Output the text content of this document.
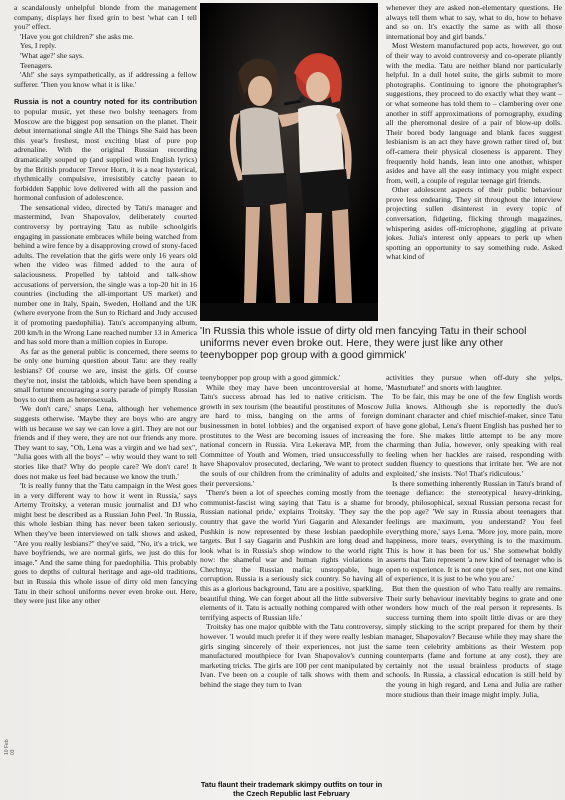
a scandalously unhelpful blonde from the management company, displays her fixed grin to best 'what can I tell you?' effect.

'Have you got children?' she asks me.

Yes, I reply.

'What age?' she says.

Teenagers.

'Ah!' she says sympathetically, as if addressing a fellow sufferer. 'Then you know what it is like.'

Russia is not a country noted for its contribution to popular music, yet these two bolshy teenagers from Moscow are the biggest pop sensation on the planet. Their debut international single All the Things She Said has been this year's freshest, most exciting blast of pure pop adrenaline. With the original Russian recording dramatically souped up (and supplied with English lyrics) by the British producer Trevor Horn, it is a near hysterical, rhythmically compulsive, irresistibly catchy paean to forbidden Sapphic love delivered with all the passion and hormonal confusion of adolescence.

The sensational video, directed by Tatu's manager and mastermind, Ivan Shapovalov, deliberately courted controversy by portraying Tatu as nubile schoolgirls engaging in passionate embraces while being watched from behind a wire fence by a disapproving crowd of stony-faced adults. The revelation that the girls were only 16 years old when the video was filmed added to the aura of salaciousness. Propelled by tabloid and talk-show accusations of perversion, the single was a top-20 hit in 16 countries (including the all-important US market) and number one in Italy, Spain, Sweden, Holland and the UK (where everyone from the Sun to Richard and Judy accused it of promoting paedophilia). Tatu's accompanying album, 200 km/h in the Wrong Lane reached number 13 in America and has sold more than a million copies in Europe.

As far as the general public is concerned, there seems to be only one burning question about Tatu: are they really lesbians? Of course we are, insist the girls. Of course they're not, insist the tabloids, which have been spending a small fortune encouraging a sorry parade of pimply Russian boys to out them as heterosexuals.

'We don't care,' snaps Lena, although her vehemence suggests otherwise. 'Maybe they are boys who are angry with us because we say we can love a girl. They are not our friends and if they were, they are not our friends any more. They want to say, "Oh, Lena was a virgin and we had sex", "Julia goes with all the boys" – why would they want to tell stories like that? Why do people care? We don't care! It does not make us feel bad because we know the truth.'

'It is really funny that the Tatu campaign in the West goes in a very different way to how it went in Russia,' says Artemy Troitsky, a veteran music journalist and DJ who might best be described as a Russian John Peel. 'In Russia, this whole lesbian thing has never been taken seriously. When they've been interviewed on talk shows and asked, "Are you really lesbians?" they've said, "No, it's a trick, we have boyfriends, we are normal girls, we just do this for image." And the same thing for paedophilia. This probably goes to depths of cultural heritage and age-old traditions, but in Russia this whole issue of dirty old men fancying Tatu in their school uniforms never even broke out. Here, they were just like any other

whenever they are asked non-elementary questions. He always tell them what to say, what to do, how to behave and so on. It's exactly the same as with all those international boy and girl bands.'

Most Western manufactured pop acts, however, go out of their way to avoid controversy and co-operate pliantly with the media. Tatu are neither bland nor particularly helpful. In a dull hotel suite, the girls submit to more photographs. Continuing to ignore the photographer's suggestions, they proceed to do exactly what they want – or what someone has told them to – clambering over one another in stiff approximations of pornography, exuding all the pheromonal desire of a pair of blow-up dolls. Their bored body language and blank faces suggest lesbianism is an act they have grown rather tired of, but off-camera their physical closeness is apparent. They frequently hold hands, lean into one another, whisper asides and have all the easy intimacy you might expect from, well, a couple of regular teenage girl friends.

Other adolescent aspects of their public behaviour prove less endearing. They sit throughout the interview projecting sullen disinterest in every topic of conversation, fidgeting, flicking through magazines, whispering asides off-microphone, giggling at private jokes. Julia's interest only appears to perk up when spotting an opportunity to say something rude. Asked what kind of

'In Russia this whole issue of dirty old men fancying Tatu in their school uniforms never even broke out. Here, they were just like any other teenybopper pop group with a good gimmick'

teenybopper pop group with a good gimmick.'

While they may have been uncontroversial at home, Tatu's success abroad has led to native criticism. The growth in sex tourism (the beautiful prostitutes of Moscow are hard to miss, hanging on the arms of foreign businessmen in hotel lobbies) and the organised export of prostitutes to the West are becoming issues of increasing national concern in Russia. Vira Lekerava MP, from the Committee of Youth and Women, tried unsuccessfully to have Shapovalov prosecuted, declaring, 'We want to protect the souls of our children from the criminality of adults and their perversions.'

'There's been a lot of speeches coming mostly from the communist-fascist wing saying that Tatu is a shame for Russian national pride,' explains Troitsky. 'They say the country that gave the world Yuri Gagarin and Alexander Pushkin is now represented by these lesbian paedophile targets. But I say Gagarin and Pushkin are long dead and look what is in Russia's shop window to the world right now: the shameful war and human rights violations in Chechnya; the Russian mafia; unstoppable, huge corruption. Russia is a seriously sick country. So having all this as a glorious background, Tatu are a positive, sparkling, beautiful thing. We can forget about all the little subversive elements of it. Tatu is actually nothing compared with other terrifying aspects of Russian life.'

Troitsky has one major quibble with the Tatu controversy, however. 'I would much prefer it if they were really lesbian girls singing sincerely of their experiences, not just the manufactured mouthpiece for Ivan Shapovalov's cunning marketing tricks. The girls are 100 per cent manipulated by Ivan. I've been on a couple of talk shows with them and behind the stage they turn to Ivan

Tatu flaunt their trademark skimpy outfits on tour in the Czech Republic last February

activities they pursue when off-duty she yelps, 'Masturbate!' and snorts with laughter.

To be fair, this may be one of the few English words Julia knows. Although she is reportedly the duo's dominant character and chief mischief-maker, since Tatu have gone global, Lena's fluent English has pushed her to the fore. She makes little attempt to be any more charming than Julia, however, only speaking with real feeling when her hackles are raised, responding with sudden fluency to questions that irritate her. 'We are not exploited,' she insists. 'No! That's ridiculous.'

Is there something inherently Russian in Tatu's brand of teenage defiance: the stereotypical heavy-drinking, broody, philosophical, sexual Russian persona recast for the pop age? 'We say in Russia about teenagers that feelings are maximum, you understand? You feel everything more,' says Lena. 'More joy, more pain, more happiness, more tears, everything is to the maximum. This is how it has been for us.' She somewhat boldly asserts that Tatu represent 'a new kind of teenager who is open to experience. It is not one type of sex, not one kind of experience, it is just to be who you are.'

But then the question of who Tatu really are remains. Their surly behaviour inevitably begins to grate and one wonders how much of the real person it represents. Is success turning them into spoilt little divas or are they simply sticking to the script prepared for them by their manager, Shapovalov? Because while they may share the same teen celebrity ambitions as their Western pop counterparts (fame and fortune at any cost), they are certainly not the usual brainless products of stage schools. In Russia, a classical education is still held by the young in high regard, and Lena and Julia are rather more studious than their image might imply. Julia,

10 Feb 03
